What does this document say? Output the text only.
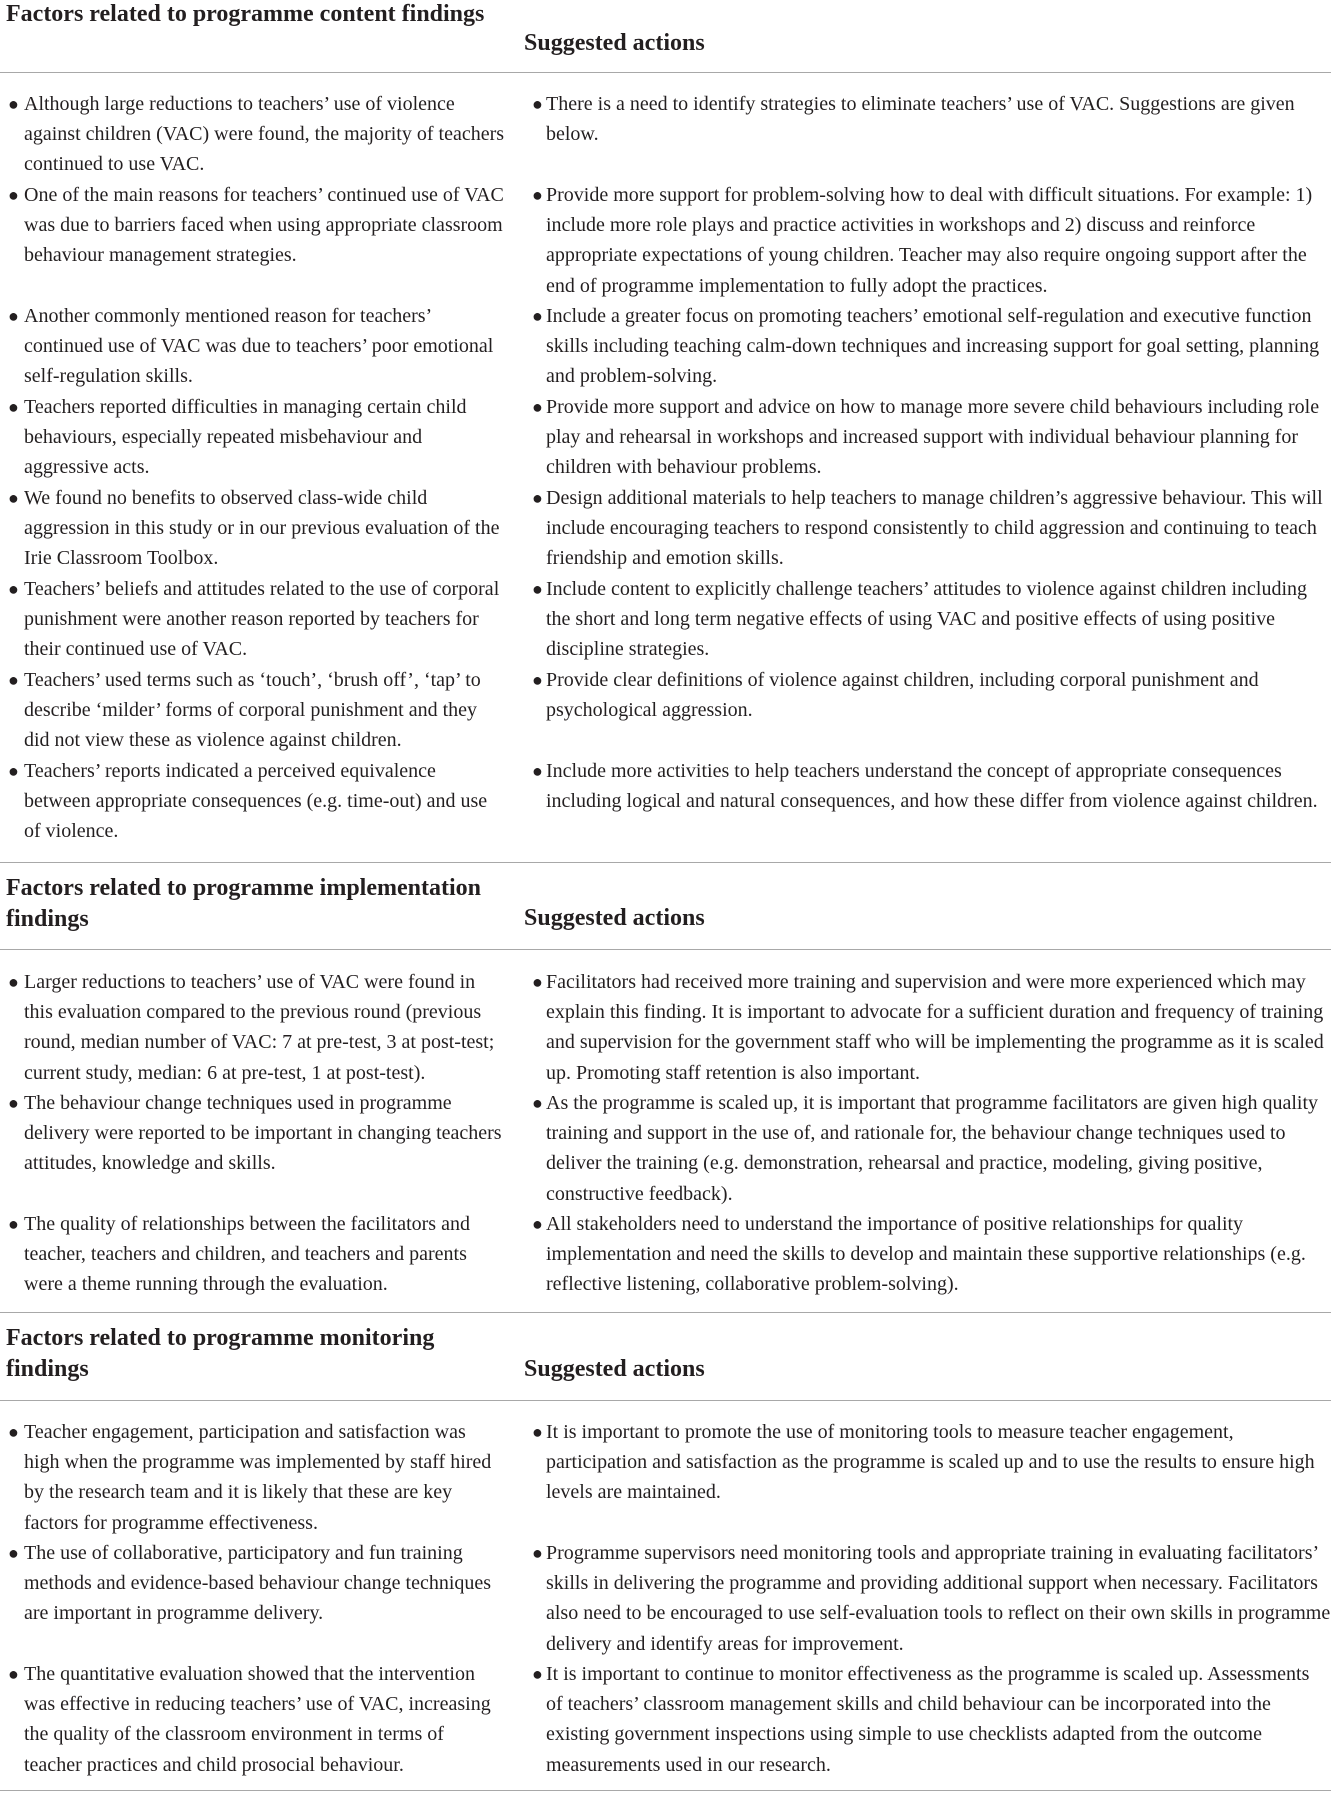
Factors related to programme content findings
Suggested actions
● Although large reductions to teachers’ use of violence against children (VAC) were found, the majority of teachers continued to use VAC.
● There is a need to identify strategies to eliminate teachers’ use of VAC. Suggestions are given below.
● One of the main reasons for teachers’ continued use of VAC was due to barriers faced when using appropriate classroom behaviour management strategies.
● Provide more support for problem-solving how to deal with difficult situations. For example: 1) include more role plays and practice activities in workshops and 2) discuss and reinforce appropriate expectations of young children. Teacher may also require ongoing support after the end of programme implementation to fully adopt the practices.
● Another commonly mentioned reason for teachers’ continued use of VAC was due to teachers’ poor emotional self-regulation skills.
● Include a greater focus on promoting teachers’ emotional self-regulation and executive function skills including teaching calm-down techniques and increasing support for goal setting, planning and problem-solving.
● Teachers reported difficulties in managing certain child behaviours, especially repeated misbehaviour and aggressive acts.
● Provide more support and advice on how to manage more severe child behaviours including role play and rehearsal in workshops and increased support with individual behaviour planning for children with behaviour problems.
● We found no benefits to observed class-wide child aggression in this study or in our previous evaluation of the Irie Classroom Toolbox.
● Design additional materials to help teachers to manage children’s aggressive behaviour. This will include encouraging teachers to respond consistently to child aggression and continuing to teach friendship and emotion skills.
● Teachers’ beliefs and attitudes related to the use of corporal punishment were another reason reported by teachers for their continued use of VAC.
● Include content to explicitly challenge teachers’ attitudes to violence against children including the short and long term negative effects of using VAC and positive effects of using positive discipline strategies.
● Teachers’ used terms such as ‘touch’, ‘brush off’, ‘tap’ to describe ‘milder’ forms of corporal punishment and they did not view these as violence against children.
● Provide clear definitions of violence against children, including corporal punishment and psychological aggression.
● Teachers’ reports indicated a perceived equivalence between appropriate consequences (e.g. time-out) and use of violence.
● Include more activities to help teachers understand the concept of appropriate consequences including logical and natural consequences, and how these differ from violence against children.
Factors related to programme implementation findings	Suggested actions
● Larger reductions to teachers’ use of VAC were found in this evaluation compared to the previous round (previous round, median number of VAC: 7 at pre-test, 3 at post-test; current study, median: 6 at pre-test, 1 at post-test).
● Facilitators had received more training and supervision and were more experienced which may explain this finding. It is important to advocate for a sufficient duration and frequency of training and supervision for the government staff who will be implementing the programme as it is scaled up. Promoting staff retention is also important.
● The behaviour change techniques used in programme delivery were reported to be important in changing teachers attitudes, knowledge and skills.
● As the programme is scaled up, it is important that programme facilitators are given high quality training and support in the use of, and rationale for, the behaviour change techniques used to deliver the training (e.g. demonstration, rehearsal and practice, modeling, giving positive, constructive feedback).
● The quality of relationships between the facilitators and teacher, teachers and children, and teachers and parents were a theme running through the evaluation.
● All stakeholders need to understand the importance of positive relationships for quality implementation and need the skills to develop and maintain these supportive relationships (e.g. reflective listening, collaborative problem-solving).
Factors related to programme monitoring findings	Suggested actions
● Teacher engagement, participation and satisfaction was high when the programme was implemented by staff hired by the research team and it is likely that these are key factors for programme effectiveness.
● It is important to promote the use of monitoring tools to measure teacher engagement, participation and satisfaction as the programme is scaled up and to use the results to ensure high levels are maintained.
● The use of collaborative, participatory and fun training methods and evidence-based behaviour change techniques are important in programme delivery.
● Programme supervisors need monitoring tools and appropriate training in evaluating facilitators’ skills in delivering the programme and providing additional support when necessary. Facilitators also need to be encouraged to use self-evaluation tools to reflect on their own skills in programme delivery and identify areas for improvement.
● The quantitative evaluation showed that the intervention was effective in reducing teachers’ use of VAC, increasing the quality of the classroom environment in terms of teacher practices and child prosocial behaviour.
● It is important to continue to monitor effectiveness as the programme is scaled up. Assessments of teachers’ classroom management skills and child behaviour can be incorporated into the existing government inspections using simple to use checklists adapted from the outcome measurements used in our research.
